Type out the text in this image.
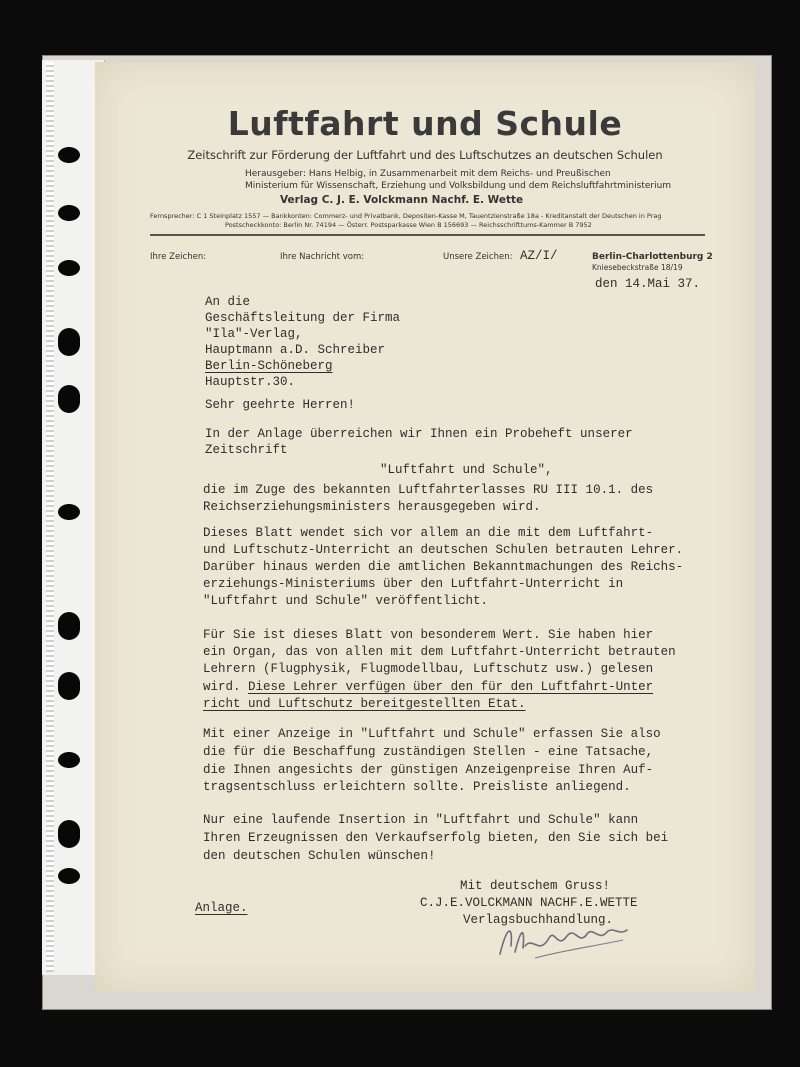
Luftfahrt und Schule

Zeitschrift zur Förderung der Luftfahrt und des Luftschutzes an deutschen Schulen

Herausgeber: Hans Helbig, in Zusammenarbeit mit dem Reichs- und Preußischen

Ministerium für Wissenschaft, Erziehung und Volksbildung und dem Reichsluftfahrtministerium

Verlag C. J. E. Volckmann Nachf. E. Wette

Fernsprecher: C 1 Steinplatz 1557 — Bankkonten: Commerz- und Privatbank, Depositen-Kasse M, Tauentzienstraße 18a - Kreditanstalt der Deutschen in Prag

Postscheckkonto: Berlin Nr. 74194 — Österr. Postsparkasse Wien B 156693 — Reichsschrifttums-Kammer B 7952

Ihre Zeichen:	Ihre Nachricht vom:	Unsere Zeichen: AZ/I/	Berlin-Charlottenburg 2
Kniesebeckstraße 18/19
den 14.Mai 37.
An die
Geschäftsleitung der Firma
"Ila"-Verlag,
Hauptmann a.D. Schreiber
Berlin-Schöneberg
Hauptstr.30.

Sehr geehrte Herren!

In der Anlage überreichen wir Ihnen ein Probeheft unserer

Zeitschrift

"Luftfahrt und Schule",

die im Zuge des bekannten Luftfahrterlasses RU III 10.1. des

Reichserziehungsministers herausgegeben wird.

Dieses Blatt wendet sich vor allem an die mit dem Luftfahrt-

und Luftschutz-Unterricht an deutschen Schulen betrauten Lehrer.

Darüber hinaus werden die amtlichen Bekanntmachungen des Reichs-

erziehungs-Ministeriums über den Luftfahrt-Unterricht in

"Luftfahrt und Schule" veröffentlicht.

Für Sie ist dieses Blatt von besonderem Wert. Sie haben hier

ein Organ, das von allen mit dem Luftfahrt-Unterricht betrauten

Lehrern (Flugphysik, Flugmodellbau, Luftschutz usw.) gelesen

wird. Diese Lehrer verfügen über den für den Luftfahrt-Unter

richt und Luftschutz bereitgestellten Etat.

Mit einer Anzeige in "Luftfahrt und Schule" erfassen Sie also

die für die Beschaffung zuständigen Stellen - eine Tatsache,

die Ihnen angesichts der günstigen Anzeigenpreise Ihren Auf-

tragsentschluss erleichtern sollte. Preisliste anliegend.

Nur eine laufende Insertion in "Luftfahrt und Schule" kann

Ihren Erzeugnissen den Verkaufserfolg bieten, den Sie sich bei

den deutschen Schulen wünschen!

Mit deutschem Gruss!

C.J.E.VOLCKMANN NACHF.E.WETTE

Verlagsbuchhandlung.

Anlage.
